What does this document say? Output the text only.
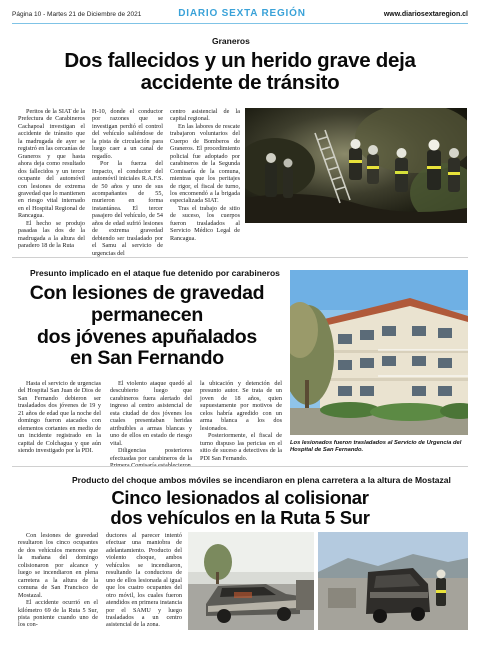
Página 10 - Martes 21 de Diciembre de 2021	DIARIO SEXTA REGIÓN	www.diariosextaregion.cl
Graneros
Dos fallecidos y un herido grave deja
accidente de tránsito

Peritos de la SIAT de la Prefectura de Carabineros Cachapoal investigan el accidente de tránsito que la madrugada de ayer se registró en las cercanías de Graneros y que hasta ahora deja como resultado dos fallecidos y un tercer ocupante del automóvil con lesiones de extrema gravedad que lo mantienen en riesgo vital internado en el Hospital Regional de Rancagua.

El hecho se produjo pasadas las dos de la madrugada a la altura del paradero 18 de la Ruta

H-10, donde el conductor por razones que se investigan perdió el control del vehículo saliéndose de la pista de circulación para luego caer a un canal de regadío.

Por la fuerza del impacto, el conductor del automóvil iniciales R.A.F.S. de 50 años y uno de sus acompañantes de 55, murieron en forma instantánea. El tercer pasajero del vehículo, de 54 años de edad sufrió lesiones de extrema gravedad debiendo ser trasladado por el Samu al servicio de urgencias del

centro asistencial de la capital regional.

En las labores de rescate trabajaron voluntarios del Cuerpo de Bomberos de Graneros. El procedimiento policial fue adoptado por carabineros de la Segunda Comisaría de la comuna, mientras que los peritajes de rigor, el fiscal de turno, los encomendó a la brigada especializada SIAT.

Tras el trabajo de sitio de suceso, los cuerpos fueron trasladados al Servicio Médico Legal de Rancagua.

Presunto implicado en el ataque fue detenido por carabineros
Con lesiones de gravedad
permanecen
dos jóvenes apuñalados
en San Fernando

Hasta el servicio de urgencias del Hospital San Juan de Dios de San Fernando debieron ser trasladados dos jóvenes de 19 y 21 años de edad que la noche del domingo fueron atacados con elementos cortantes en medio de un incidente registrado en la capital de Colchagua y que aún siendo investigado por la PDI.

El violento ataque quedó al descubierto luego que carabineros fuera alertado del ingreso al centro asistencial de esta ciudad de dos jóvenes los cuales presentaban heridas atribuibles a armas blancas y uno de ellos en estado de riesgo vital.

Diligencias posteriores efectuadas por carabineros de la

la ubicación y detención del presunto autor. Se trata de un joven de 18 años, quien supuestamente por motivos de celos habría agredido con un arma blanca a los dos lesionados.

Posteriormente, el fiscal de turno dispuso las pericias en el sitio de suceso a detectives de la PDI San Fernando.

Los lesionados fueron trasladados al Servicio de Urgencia del Hospital de San Fernando.
Producto del choque ambos móviles se incendiaron en plena carretera a la altura de Mostazal
Cinco lesionados al colisionar
dos vehículos en la Ruta 5 Sur

Con lesiones de gravedad resultaron los cinco ocupantes de dos vehículos menores que la mañana del domingo colisionaron por alcance y luego se incendiaron en plena carretera a la altura de la comuna de San Francisco de Mostazal.

El accidente ocurrió en el kilómetro 69 de la Ruta 5 Sur, pista poniente cuando uno de los con-

ductores al parecer intentó efectuar una maniobra de adelantamiento. Producto del violento choque, ambos vehículos se incendiaron, resultando la conductora de uno de ellos lesionada al igual que los cuatro ocupantes del otro móvil, los cuales fueron atendidos en primera instancia por el SAMU y luego trasladados a un centro asistencial de la zona.
